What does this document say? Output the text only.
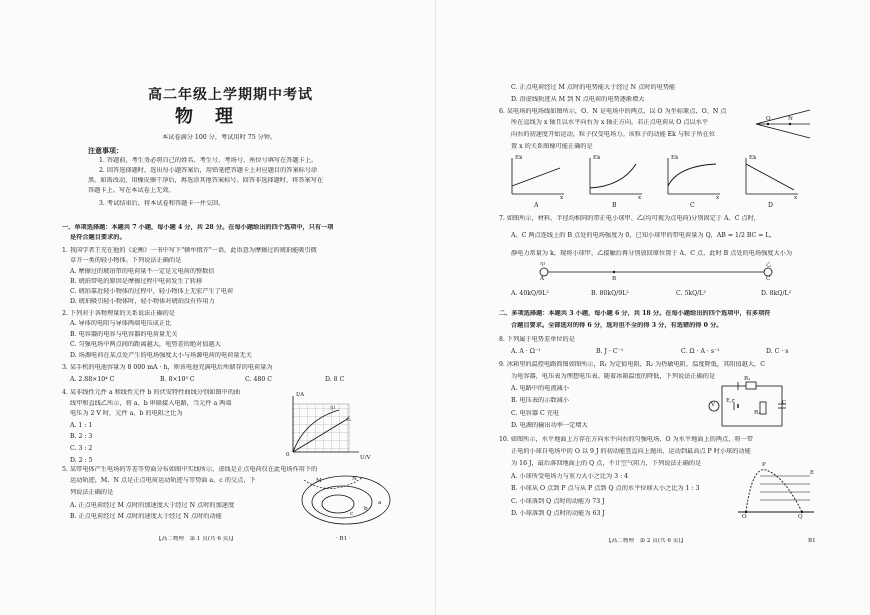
高二年级上学期期中考试
物理
本试卷满分 100 分，考试用时 75 分钟。
注意事项：
1. 答题前，考生务必将自己的姓名、考生号、考场号、座位号填写在答题卡上。
2. 回答选择题时，选出每小题答案后，用铅笔把答题卡上对应题目的答案标号涂
黑。如需改动，用橡皮擦干净后，再选涂其他答案标号。回答非选择题时，将答案写在
答题卡上。写在本试卷上无效。
3. 考试结束后，将本试卷和答题卡一并交回。
一、单项选择题：本题共 7 小题，每小题 4 分，共 28 分。在每小题给出的四个选项中，只有一项
是符合题目要求的。
1. 我国学者王充在他的《论衡》一书中写下"顿牟掇芥"一语，此语意为摩擦过的琥珀能吸引微
草芥一类的轻小物体。下列说法正确的是
A. 摩擦过的琥珀带的电荷量不一定是元电荷的整数倍
B. 琥珀带电的原因是摩擦过程中电荷发生了转移
C. 琥珀靠近轻小物体的过程中，轻小物体上无宏产生了电荷
D. 琥珀吸引轻小物体时，轻小物体对琥珀没有作用力
2. 下列对于各物理量的关系说法正确的是
A. 导体的电阻与导体两端电压成正比
B. 电容器的电容与电容器的电荷量无关
C. 匀强电场中两点间的距离越大，电势差的绝对值越大
D. 场源电荷在某点处产生的电场强度大小与场源电荷的电荷量无关
3. 某手机的电池容量为 8 000 mA · h，则该电池充满电后所储存的电荷量为
A. 2.88×10⁴ C	B. 8×10³ C	C. 480 C	D. 8 C
4. 某非线性元件 a 和线性元件 b 的伏安特性曲线分别如图中的曲
线甲和直线乙所示，将 a、b 串联接入电路，当元件 a 两端
电压为 2 V 时，元件 a、b 的电阻之比为
A. 1 : 1
B. 2 : 3
C. 3 : 2
D. 2 : 5
I/A
U/V
0
甲
乙
5. 某带电体产生电场的等差等势面分布如图中实线所示，虚线是正点电荷仅在此电场作用下的
运动轨迹，M、N 点是正点电荷运动轨迹与等势面 a、c 的交点，下
列说法正确的是
A. 正点电荷经过 M 点时的加速度大于经过 N 点时的加速度
B. 正点电荷经过 M 点时的速度大于经过 N 点时的动能
M	N
a
b
c
【高二物理　第 1 页(共 6 页)】	· B1 ·
C. 正点电荷经过 M 点时的电势能大于经过 N 点时的电势能
D. 沿虚线轨迹从 M 到 N 点电荷的电势逐渐增大
6. 某电场的电场线如图所示，O、N 是电场中的两点，以 O 为坐标原点，O、N 点
所在直线为 x 轴且以水平向右为 x 轴正方向。若正点电荷从 O 点以水平
向右的初速度开始运动，粒子仅受电场力。该粒子的动能 Ek 与粒子所在位
置 x 的关系图像可能正确的是
O	N
Ek	Ek	Ek	Ek
x	x	x	x
A	B	C	D
7. 如图所示，材料、半径均相同的带正电小球甲、乙(均可视为点电荷)分别固定于 A、C 点时，
A、C 两点连线上的 B 点处的电场强度为 0，已知小球甲的带电荷量为 Q，AB = 1/2 BC = L，
静电力常量为 k，现将小球甲、乙接触后再分别放回原位置于 A、C 点，此时 B 点处的电场强度大小为
甲
A	B	C
乙
A. 40kQ/9L²	B. 80kQ/9L²	C. 5kQ/L²	D. 8kQ/L²
二、多项选择题：本题共 3 小题，每小题 6 分，共 18 分。在每小题给出的四个选项中，有多项符
合题目要求。全部选对的得 6 分，选对但不全的得 3 分，有选错的得 0 分。
8. 下列属于电势差单位的是
A. A · Ω⁻¹	B. J · C⁻¹	C. Ω · A · s⁻¹	D. C · s
9. 冰箱里的温控电路简图如图所示，R₁ 为定值电阻，R₂ 为热敏电阻，温度降低，其阻值越大，C
为电容器，电压表为理想电压表。随着冰箱温度的降低，下列说法正确的是
A. 电路中的电流减小
B. 电压表的示数减小
C. 电容器 C 充电
D. 电源的输出功率一定增大
R₁
E,r
R₂
C
V
10. 如图所示，水平地面上方存在方向水平向右的匀强电场，O 为水平地面上的两点，将一带
正电的小球自电场中的 O 以 9 J 的初动能竖直向上抛出，运动到最高点 P 时小球的动能
为 16 J，最后落回地面上的 Q 点，不计空气阻力，下列说法正确的是
A. 小球所受电场力与重力大小之比为 3 : 4
B. 小球从 O 点到 P 点与从 P 点到 Q 点的水平位移大小之比为 1 : 3
C. 小球落到 Q 点时的动能为 73 J
D. 小球落到 Q 点时的动能为 63 J
P
O	Q
E
【高二物理　第 2 页(共 6 页)】	B1
